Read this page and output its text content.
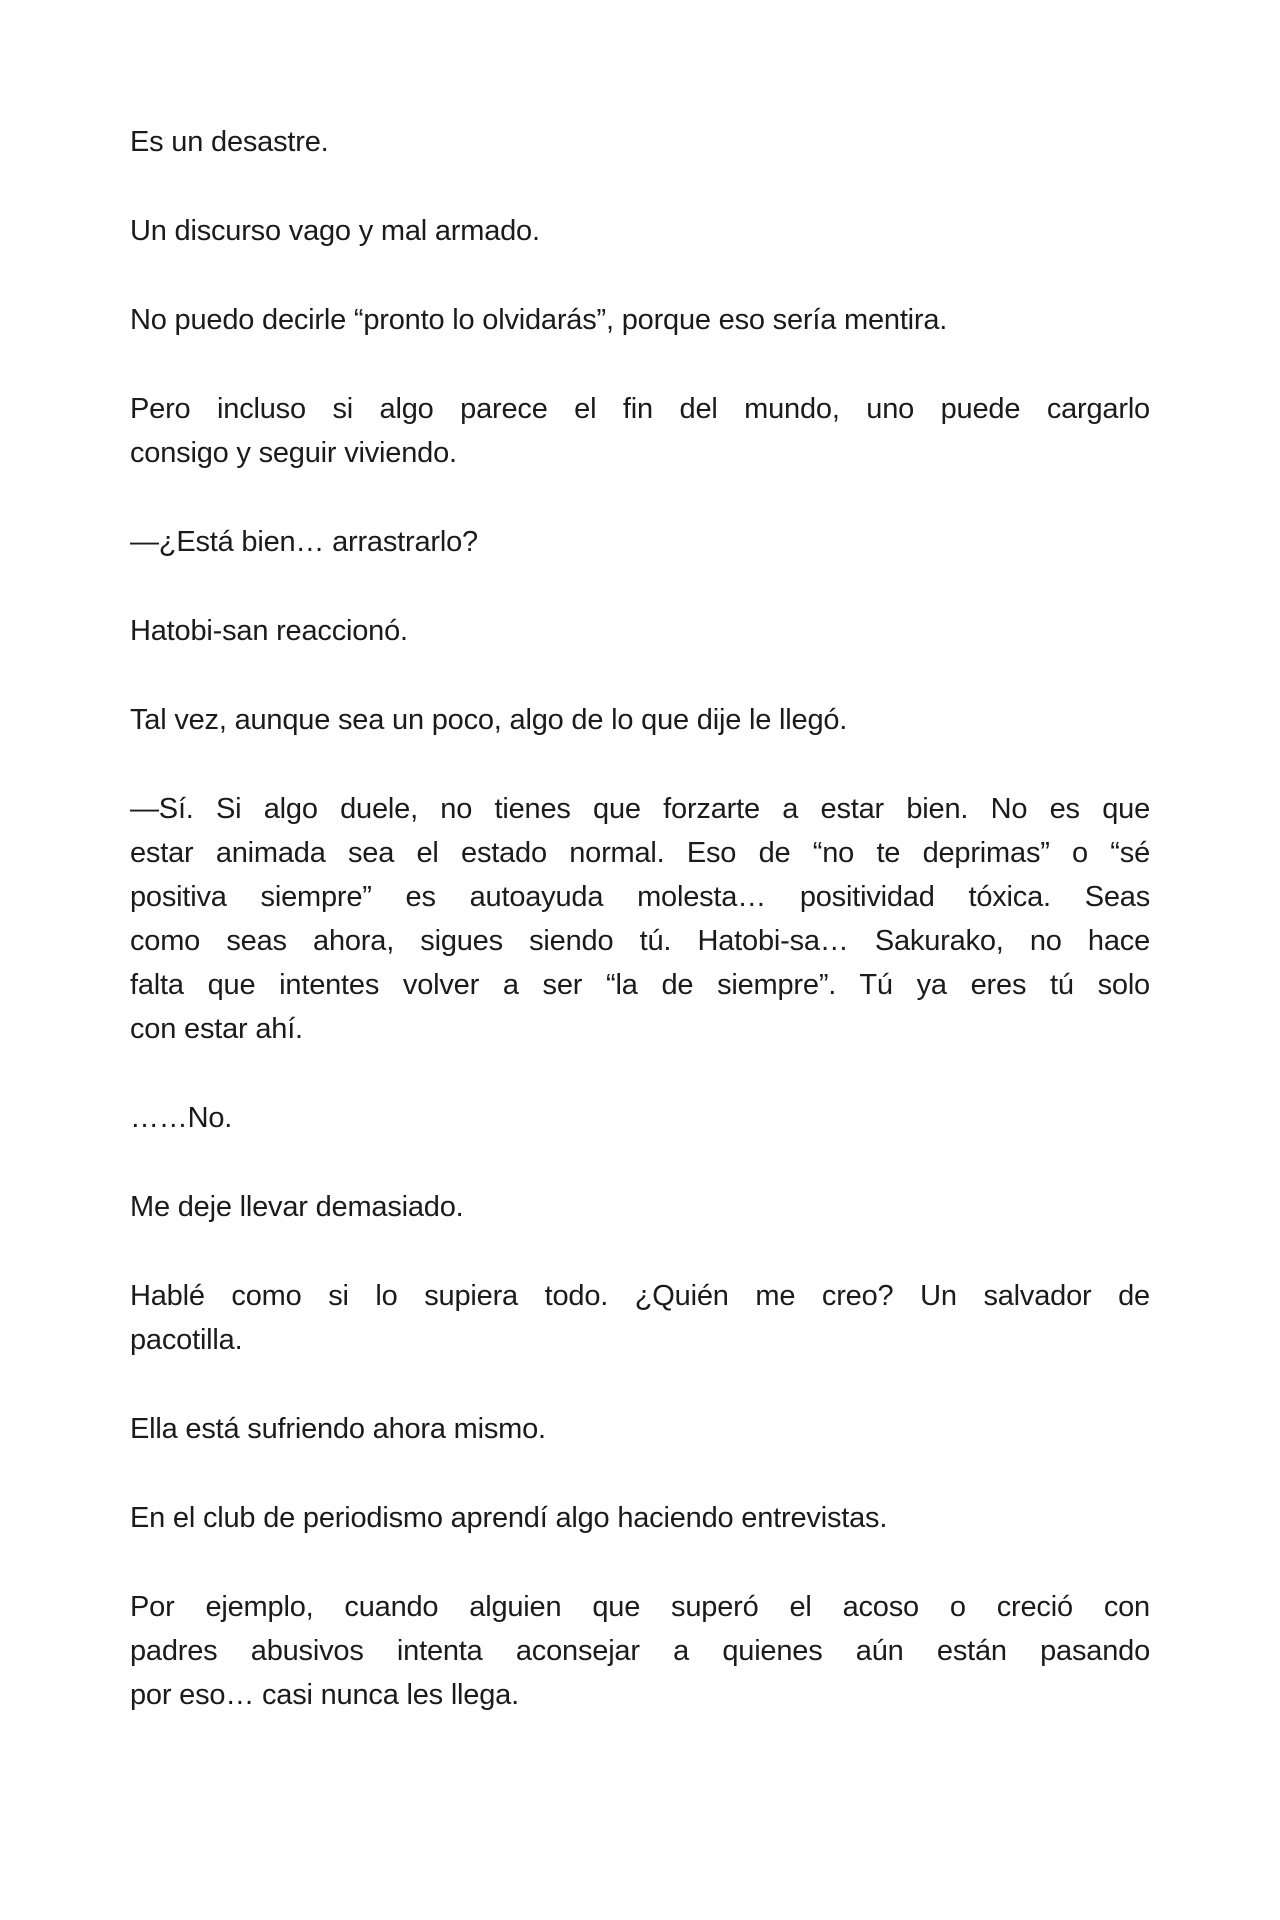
Es un desastre.
Un discurso vago y mal armado.
No puedo decirle “pronto lo olvidarás”, porque eso sería mentira.
Pero incluso si algo parece el fin del mundo, uno puede cargarlo
consigo y seguir viviendo.
—¿Está bien… arrastrarlo?
Hatobi-san reaccionó.
Tal vez, aunque sea un poco, algo de lo que dije le llegó.
—Sí. Si algo duele, no tienes que forzarte a estar bien. No es que
estar animada sea el estado normal. Eso de “no te deprimas” o “sé
positiva siempre” es autoayuda molesta… positividad tóxica. Seas
como seas ahora, sigues siendo tú. Hatobi-sa… Sakurako, no hace
falta que intentes volver a ser “la de siempre”. Tú ya eres tú solo
con estar ahí.
……No.
Me deje llevar demasiado.
Hablé como si lo supiera todo. ¿Quién me creo? Un salvador de
pacotilla.
Ella está sufriendo ahora mismo.
En el club de periodismo aprendí algo haciendo entrevistas.
Por ejemplo, cuando alguien que superó el acoso o creció con
padres abusivos intenta aconsejar a quienes aún están pasando
por eso… casi nunca les llega.
